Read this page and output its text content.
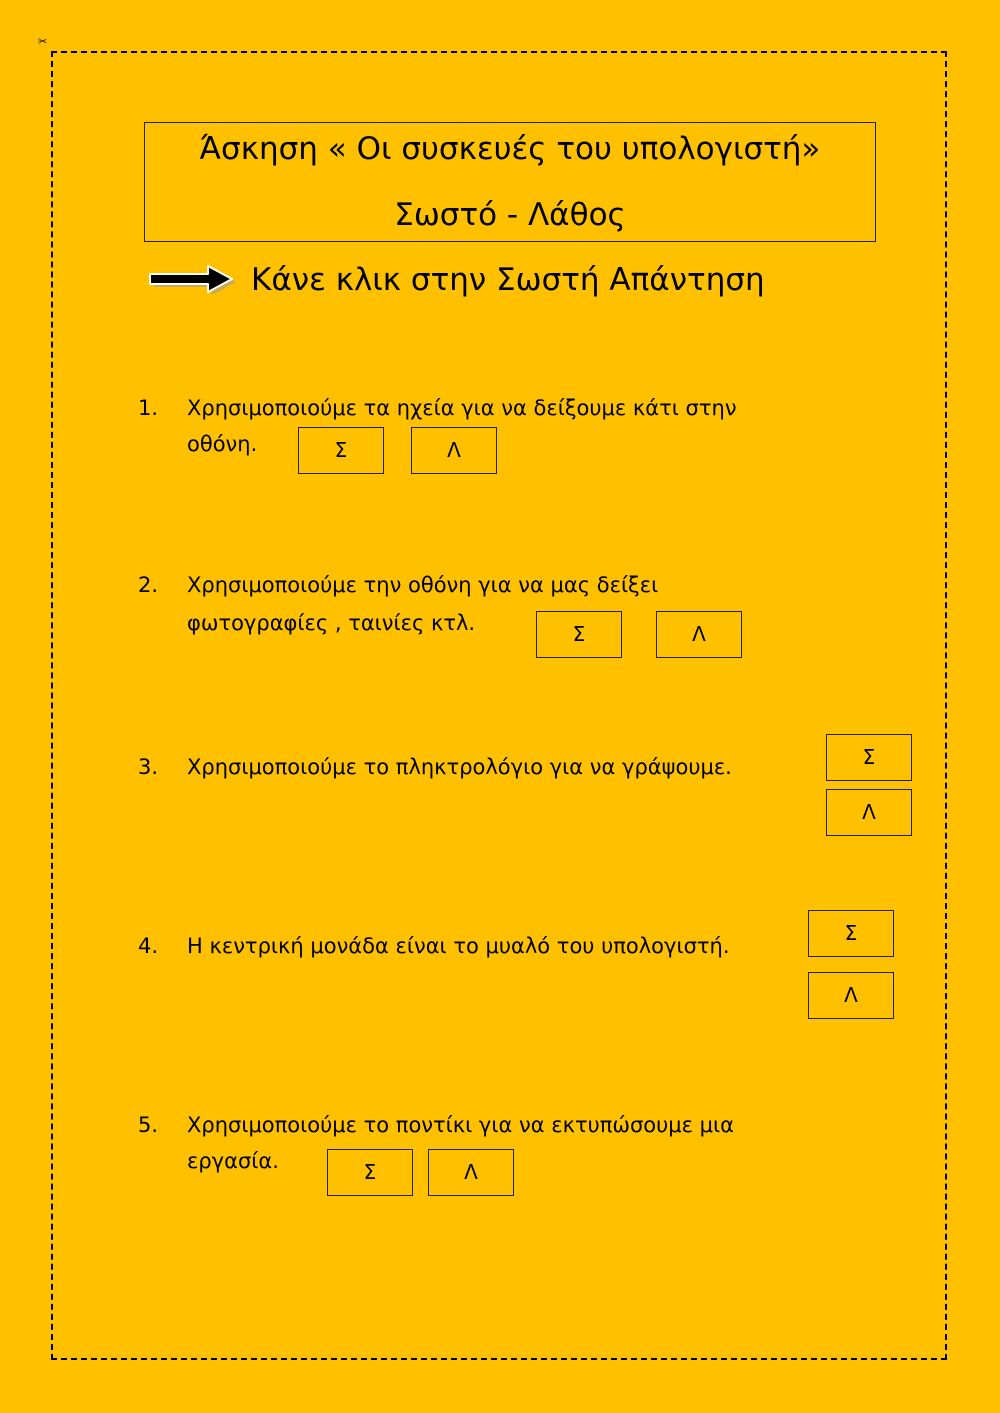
✂
Άσκηση « Οι συσκευές του υπολογιστή»
Σωστό - Λάθος
Κάνε κλικ στην Σωστή Απάντηση
1. Χρησιμοποιούμε τα ηχεία για να δείξουμε κάτι στην
οθόνη.	Σ	Λ
2. Χρησιμοποιούμε την οθόνη για να μας δείξει
φωτογραφίες , ταινίες κτλ.	Σ	Λ
3. Χρησιμοποιούμε το πληκτρολόγιο για να γράψουμε.	Σ
Λ
4. Η κεντρική μονάδα είναι το μυαλό του υπολογιστή.
Σ
Λ
5. Χρησιμοποιούμε το ποντίκι για να εκτυπώσουμε μια
εργασία.	Σ	Λ
